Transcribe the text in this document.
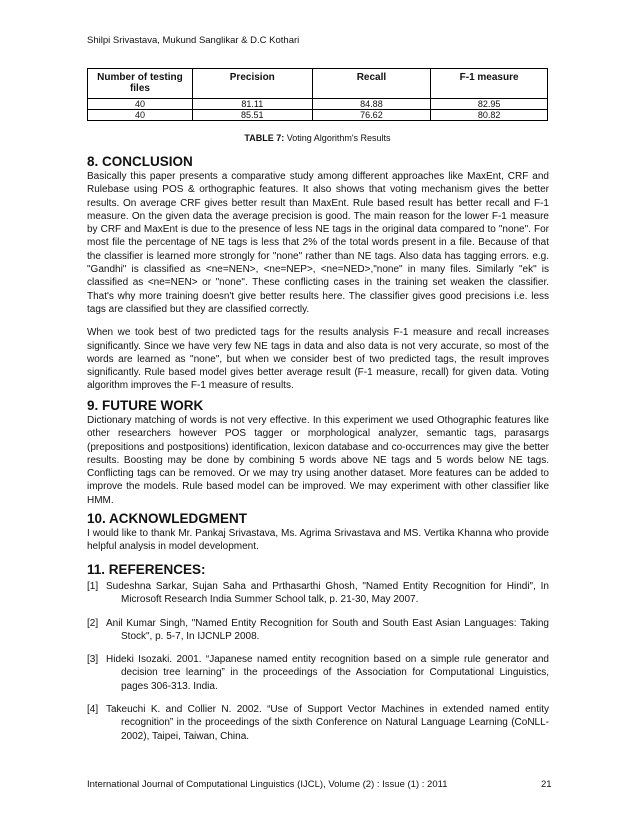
Shilpi Srivastava, Mukund Sanglikar & D.C Kothari
Number of testing files	Precision	Recall	F-1 measure
40	81.11	84.88	82.95
40	85.51	76.62	80.82
TABLE 7: Voting Algorithm's Results
8. CONCLUSION

Basically this paper presents a comparative study among different approaches like MaxEnt, CRF and Rulebase using POS & orthographic features. It also shows that voting mechanism gives the better results. On average CRF gives better result than MaxEnt. Rule based result has better recall and F-1 measure. On the given data the average precision is good. The main reason for the lower F-1 measure by CRF and MaxEnt is due to the presence of less NE tags in the original data compared to "none". For most file the percentage of NE tags is less that 2% of the total words present in a file. Because of that the classifier is learned more strongly for "none" rather than NE tags. Also data has tagging errors. e.g. "Gandhi" is classified as <ne=NEN>, <ne=NEP>, <ne=NED>,"none" in many files. Similarly "ek" is classified as <ne=NEN> or "none". These conflicting cases in the training set weaken the classifier. That's why more training doesn't give better results here. The classifier gives good precisions i.e. less tags are classified but they are classified correctly.

When we took best of two predicted tags for the results analysis F-1 measure and recall increases significantly. Since we have very few NE tags in data and also data is not very accurate, so most of the words are learned as "none", but when we consider best of two predicted tags, the result improves significantly. Rule based model gives better average result (F-1 measure, recall) for given data. Voting algorithm improves the F-1 measure of results.

9. FUTURE WORK

Dictionary matching of words is not very effective. In this experiment we used Othographic features like other researchers however POS tagger or morphological analyzer, semantic tags, parasargs (prepositions and postpositions) identification, lexicon database and co-occurrences may give the better results. Boosting may be done by combining 5 words above NE tags and 5 words below NE tags. Conflicting tags can be removed. Or we may try using another dataset. More features can be added to improve the models. Rule based model can be improved. We may experiment with other classifier like HMM.

10. ACKNOWLEDGMENT

I would like to thank Mr. Pankaj Srivastava, Ms. Agrima Srivastava and MS. Vertika Khanna who provide helpful analysis in model development.

11. REFERENCES:
[1] Sudeshna Sarkar, Sujan Saha and Prthasarthi Ghosh, "Named Entity Recognition for Hindi", In Microsoft Research India Summer School talk, p. 21-30, May 2007.
[2] Anil Kumar Singh, "Named Entity Recognition for South and South East Asian Languages: Taking Stock", p. 5-7, In IJCNLP 2008.
[3] Hideki Isozaki. 2001. “Japanese named entity recognition based on a simple rule generator and decision tree learning” in the proceedings of the Association for Computational Linguistics, pages 306-313. India.
[4] Takeuchi K. and Collier N. 2002. “Use of Support Vector Machines in extended named entity recognition” in the proceedings of the sixth Conference on Natural Language Learning (CoNLL-2002), Taipei, Taiwan, China.
International Journal of Computational Linguistics (IJCL), Volume (2) : Issue (1) : 2011	21
